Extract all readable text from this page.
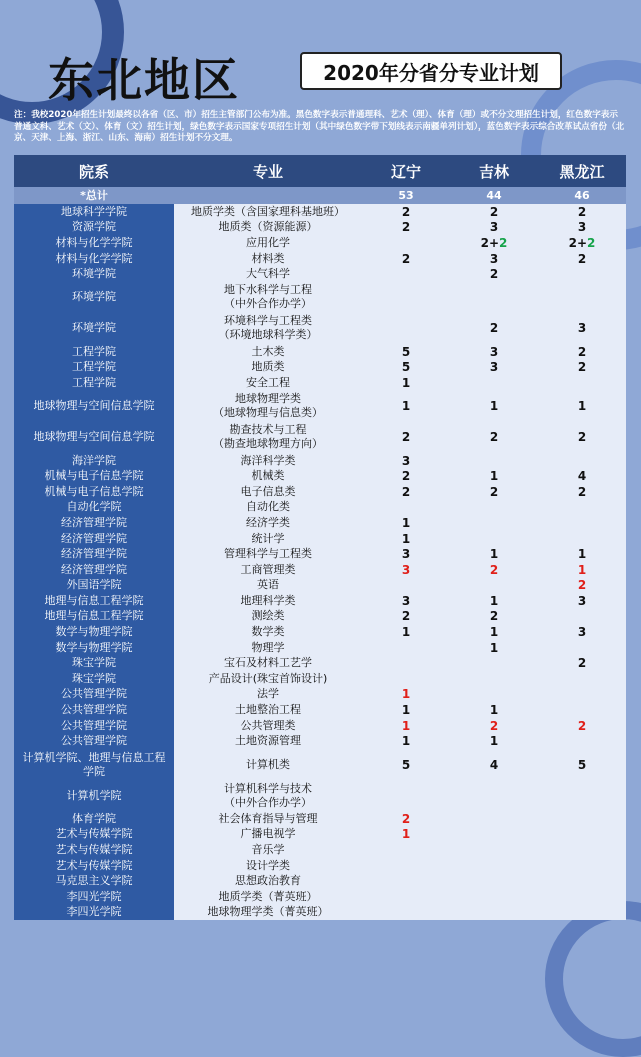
东北地区	2020年分省分专业计划
注：我校2020年招生计划最终以各省（区、市）招生主管部门公布为准。黑色数字表示普通理科、艺术（理）、体育（理）或不分文理招生计划，红色数字表示普通文科、艺术（文）、体育（文）招生计划，绿色数字表示国家专项招生计划（其中绿色数字带下划线表示南疆单列计划），蓝色数字表示综合改革试点省份（北京、天津、上海、浙江、山东、海南）招生计划不分文理。
院系	专业	辽宁	吉林	黑龙江
*总计		53	44	46
地球科学学院	地质学类（含国家理科基地班）	2	2	2
资源学院	地质类（资源能源）	2	3	3
材料与化学学院	应用化学		2+2	2+2
材料与化学学院	材料类	2	3	2
环境学院	大气科学		2	
环境学院	地下水科学与工程
（中外合作办学）			
环境学院	环境科学与工程类
（环境地球科学类）		2	3
工程学院	土木类	5	3	2
工程学院	地质类	5	3	2
工程学院	安全工程	1		
地球物理与空间信息学院	地球物理学类
（地球物理与信息类）	1	1	1
地球物理与空间信息学院	勘查技术与工程
（勘查地球物理方向）	2	2	2
海洋学院	海洋科学类	3		
机械与电子信息学院	机械类	2	1	4
机械与电子信息学院	电子信息类	2	2	2
自动化学院	自动化类			
经济管理学院	经济学类	1		
经济管理学院	统计学	1		
经济管理学院	管理科学与工程类	3	1	1
经济管理学院	工商管理类	3	2	1
外国语学院	英语			2
地理与信息工程学院	地理科学类	3	1	3
地理与信息工程学院	测绘类	2	2	
数学与物理学院	数学类	1	1	3
数学与物理学院	物理学		1	
珠宝学院	宝石及材料工艺学			2
珠宝学院	产品设计(珠宝首饰设计)			
公共管理学院	法学	1		
公共管理学院	土地整治工程	1	1	
公共管理学院	公共管理类	1	2	2
公共管理学院	土地资源管理	1	1	
计算机学院、地理与信息工程
学院	计算机类	5	4	5
计算机学院	计算机科学与技术
（中外合作办学）			
体育学院	社会体育指导与管理	2		
艺术与传媒学院	广播电视学	1		
艺术与传媒学院	音乐学			
艺术与传媒学院	设计学类			
马克思主义学院	思想政治教育			
李四光学院	地质学类（菁英班）			
李四光学院	地球物理学类（菁英班）			
